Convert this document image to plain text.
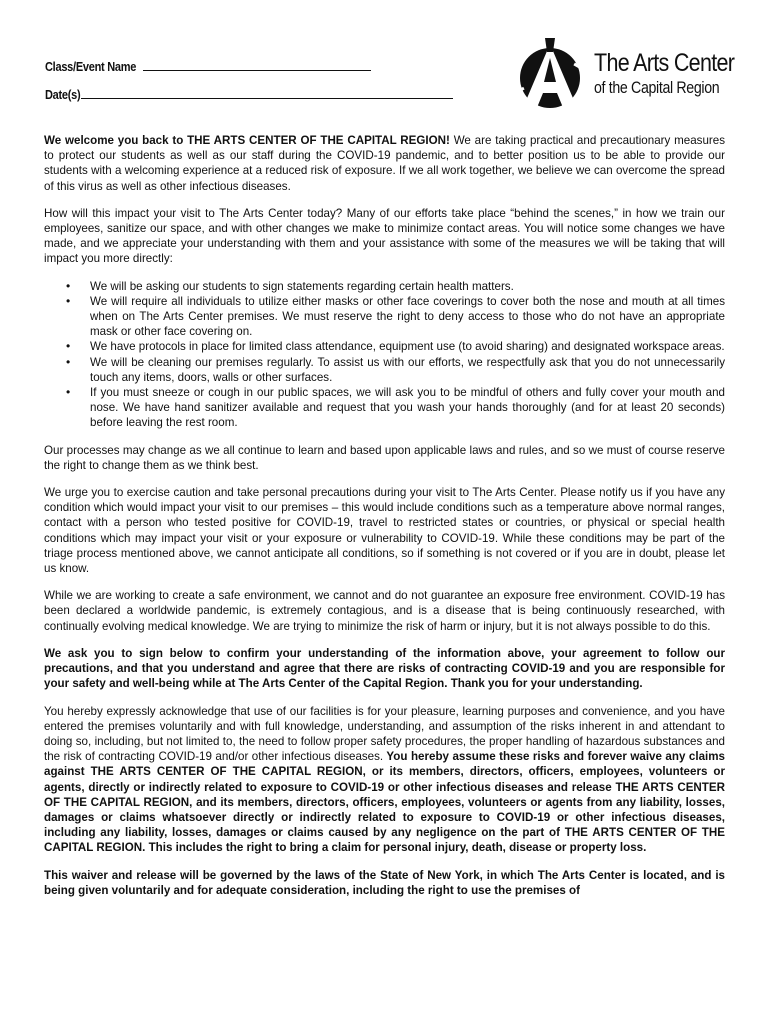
Class/Event Name
Date(s)
The Arts Center
of the Capital Region

We welcome you back to THE ARTS CENTER OF THE CAPITAL REGION! We are taking practical and precautionary measures to protect our students as well as our staff during the COVID-19 pandemic, and to better position us to be able to provide our students with a welcoming experience at a reduced risk of exposure. If we all work together, we believe we can overcome the spread of this virus as well as other infectious diseases.

How will this impact your visit to The Arts Center today? Many of our efforts take place “behind the scenes,” in how we train our employees, sanitize our space, and with other changes we make to minimize contact areas. You will notice some changes we have made, and we appreciate your understanding with them and your assistance with some of the measures we will be taking that will impact you more directly:

• We will be asking our students to sign statements regarding certain health matters.
• We will require all individuals to utilize either masks or other face coverings to cover both the nose and mouth at all times when on The Arts Center premises. We must reserve the right to deny access to those who do not have an appropriate mask or other face covering on.
• We have protocols in place for limited class attendance, equipment use (to avoid sharing) and designated workspace areas.
• We will be cleaning our premises regularly. To assist us with our efforts, we respectfully ask that you do not unnecessarily touch any items, doors, walls or other surfaces.
• If you must sneeze or cough in our public spaces, we will ask you to be mindful of others and fully cover your mouth and nose. We have hand sanitizer available and request that you wash your hands thoroughly (and for at least 20 seconds) before leaving the rest room.

Our processes may change as we all continue to learn and based upon applicable laws and rules, and so we must of course reserve the right to change them as we think best.

We urge you to exercise caution and take personal precautions during your visit to The Arts Center. Please notify us if you have any condition which would impact your visit to our premises – this would include conditions such as a temperature above normal ranges, contact with a person who tested positive for COVID-19, travel to restricted states or countries, or physical or special health conditions which may impact your visit or your exposure or vulnerability to COVID-19. While these conditions may be part of the triage process mentioned above, we cannot anticipate all conditions, so if something is not covered or if you are in doubt, please let us know.

While we are working to create a safe environment, we cannot and do not guarantee an exposure free environment. COVID-19 has been declared a worldwide pandemic, is extremely contagious, and is a disease that is being continuously researched, with continually evolving medical knowledge. We are trying to minimize the risk of harm or injury, but it is not always possible to do this.

We ask you to sign below to confirm your understanding of the information above, your agreement to follow our precautions, and that you understand and agree that there are risks of contracting COVID-19 and you are responsible for your safety and well-being while at The Arts Center of the Capital Region. Thank you for your understanding.

You hereby expressly acknowledge that use of our facilities is for your pleasure, learning purposes and convenience, and you have entered the premises voluntarily and with full knowledge, understanding, and assumption of the risks inherent in and attendant to doing so, including, but not limited to, the need to follow proper safety procedures, the proper handling of hazardous substances and the risk of contracting COVID-19 and/or other infectious diseases. You hereby assume these risks and forever waive any claims against THE ARTS CENTER OF THE CAPITAL REGION, or its members, directors, officers, employees, volunteers or agents, directly or indirectly related to exposure to COVID-19 or other infectious diseases and release THE ARTS CENTER OF THE CAPITAL REGION, and its members, directors, officers, employees, volunteers or agents from any liability, losses, damages or claims whatsoever directly or indirectly related to exposure to COVID-19 or other infectious diseases, including any liability, losses, damages or claims caused by any negligence on the part of THE ARTS CENTER OF THE CAPITAL REGION. This includes the right to bring a claim for personal injury, death, disease or property loss.

This waiver and release will be governed by the laws of the State of New York, in which The Arts Center is located, and is being given voluntarily and for adequate consideration, including the right to use the premises of
